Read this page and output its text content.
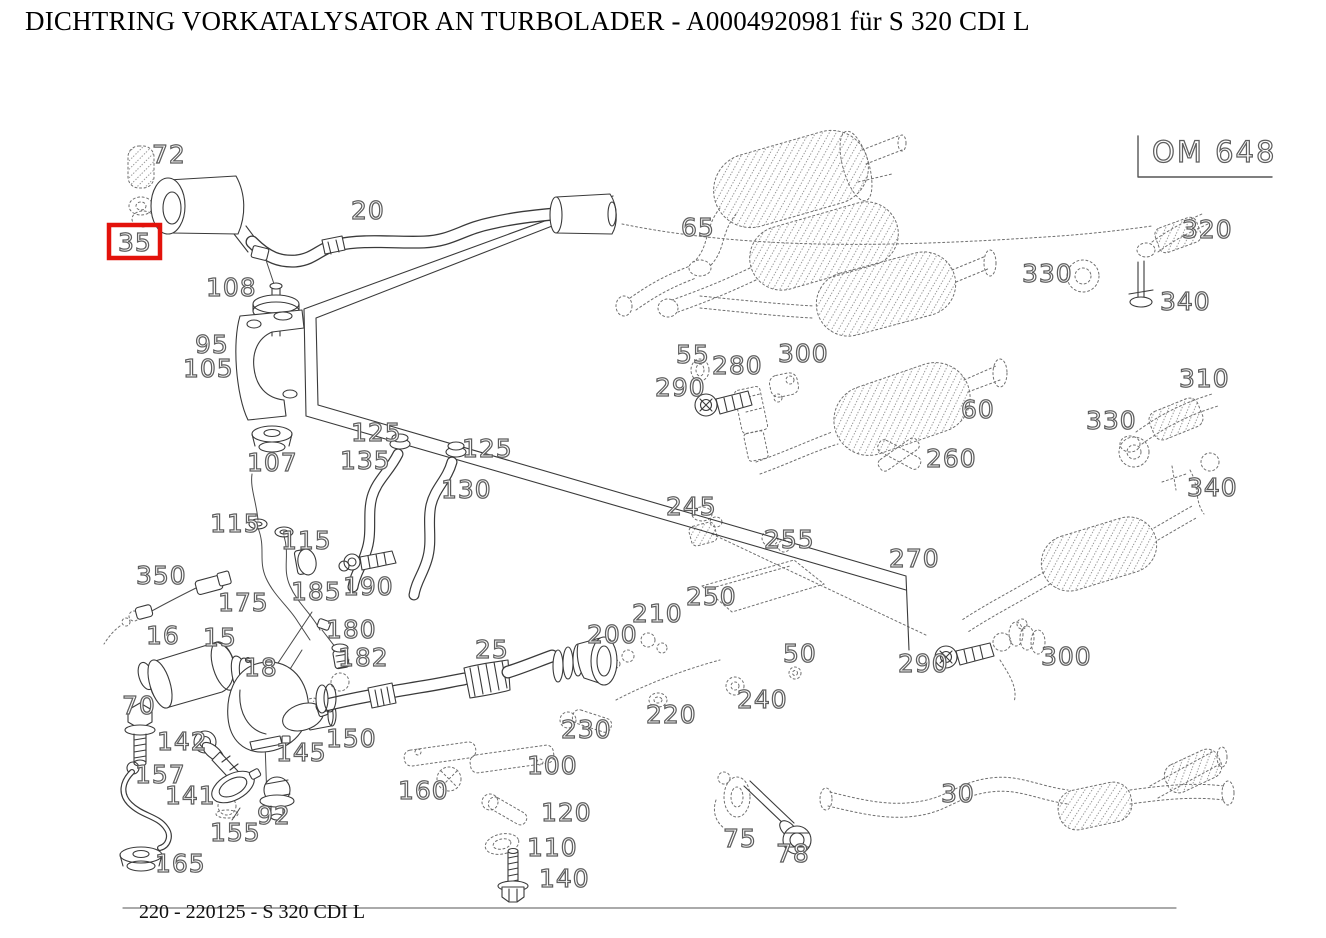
DICHTRING VORKATALYSATOR AN TURBOLADER - A0004920981 für S 320 CDI L
OM 648
72
20
35
108
95
105
107
125
135	125
130
115
115
350
175 185 190
16 15
18
180
182	25
70
142
157
141
155
92
165
145 150
160
100
120
110
140
230
220
240
75
78
30
65
55 280
290
300
60
260
245
255
270
210
250
200
50	290	300
320
330
340
310
330
340
220 - 220125 - S 320 CDI L
